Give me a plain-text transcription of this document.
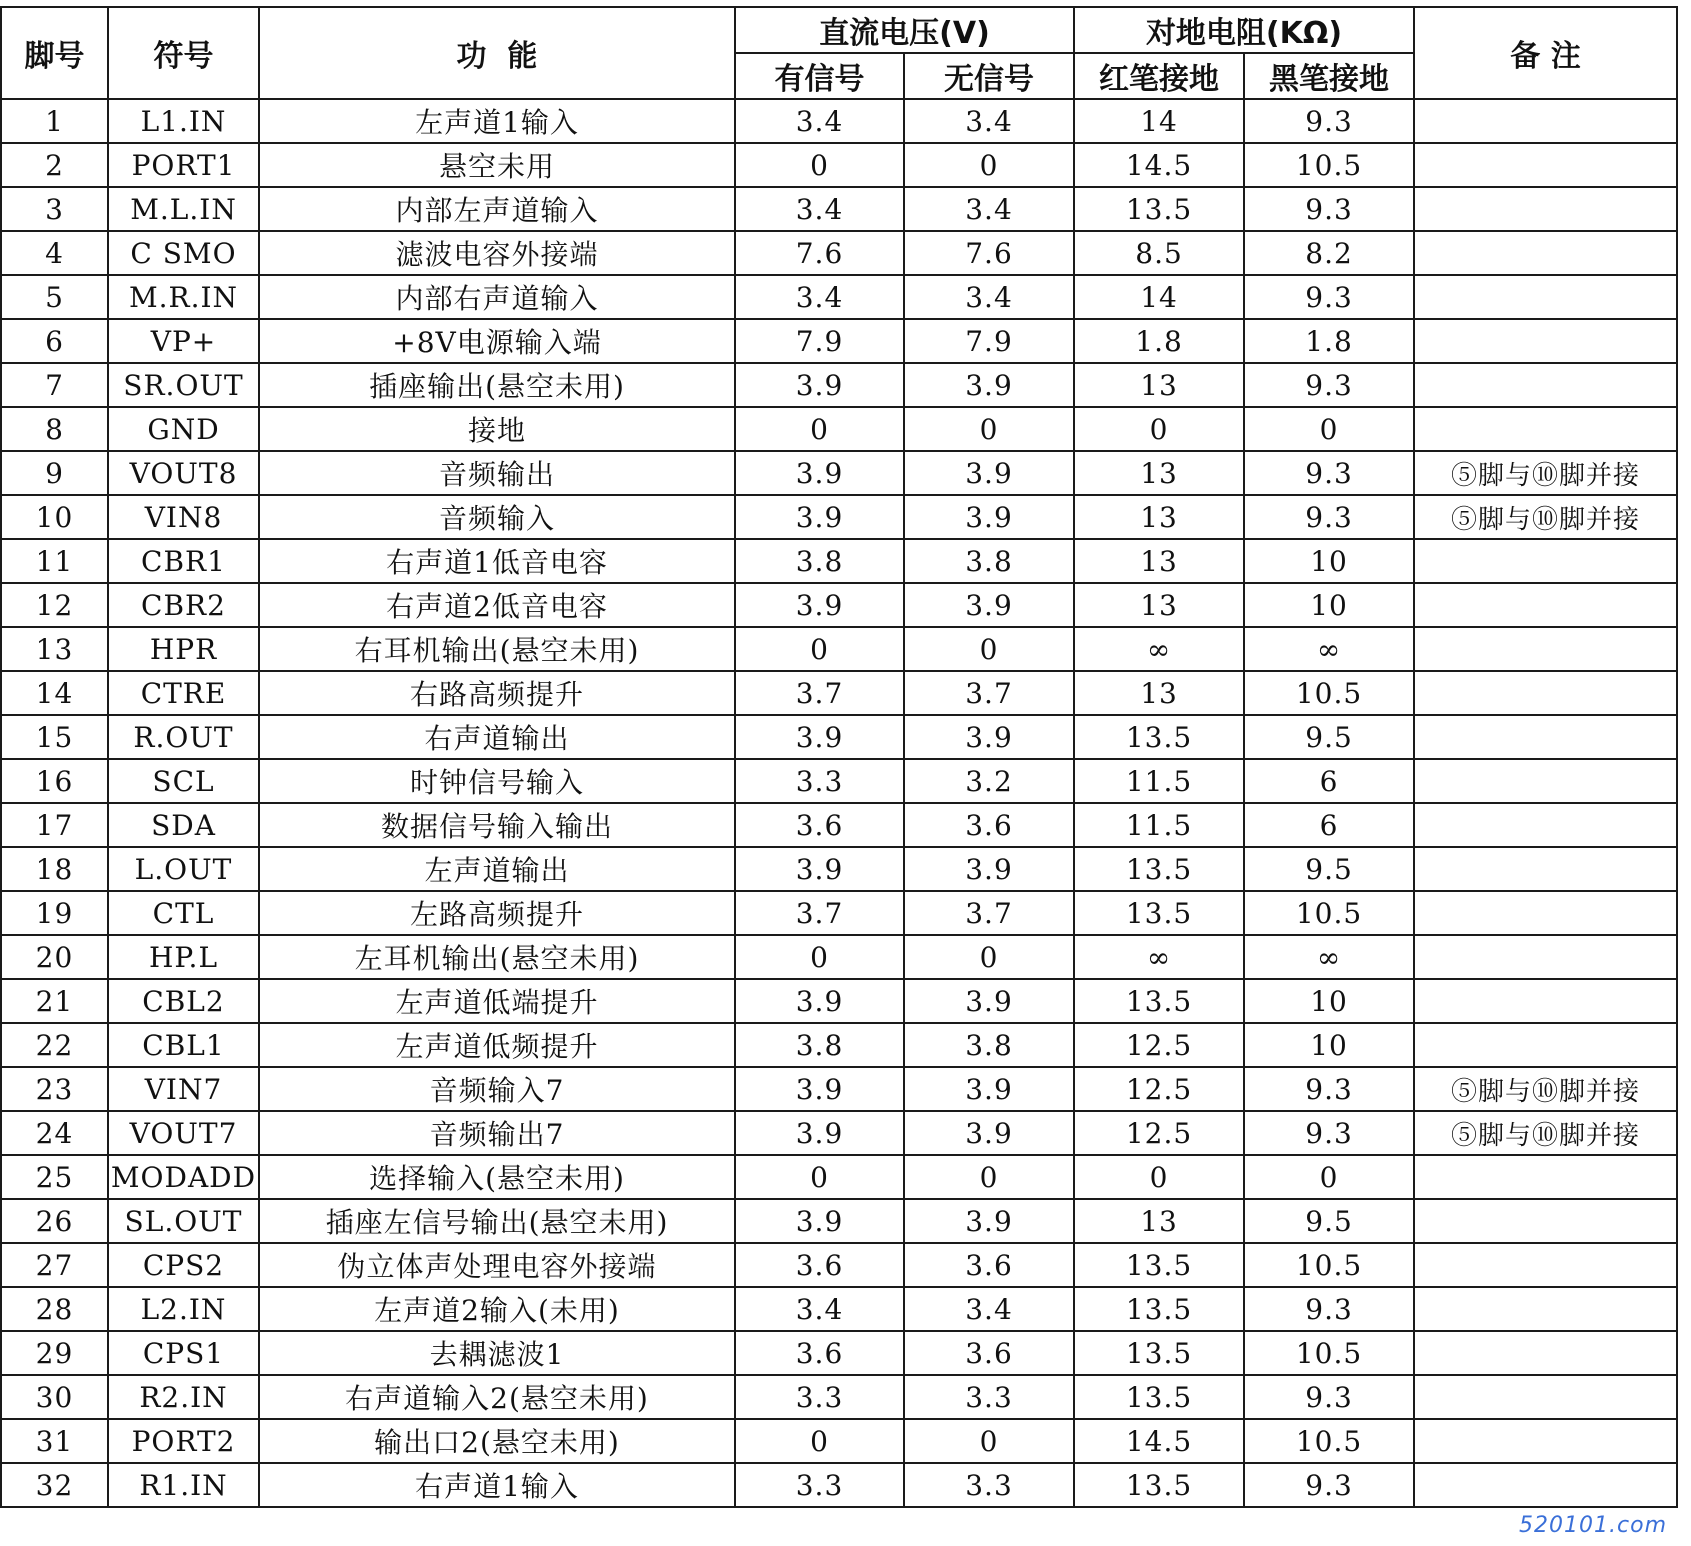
脚号	符号	功  能	直流电压(V)		对地电阻(KΩ)		备 注
			有信号	无信号	红笔接地	黑笔接地	
1	L1.IN	左声道1输入	3.4	3.4	14	9.3	
2	PORT1	悬空未用	0	0	14.5	10.5	
3	M.L.IN	内部左声道输入	3.4	3.4	13.5	9.3	
4	C SMO	滤波电容外接端	7.6	7.6	8.5	8.2	
5	M.R.IN	内部右声道输入	3.4	3.4	14	9.3	
6	VP+	+8V电源输入端	7.9	7.9	1.8	1.8	
7	SR.OUT	插座输出(悬空未用)	3.9	3.9	13	9.3	
8	GND	接地	0	0	0	0	
9	VOUT8	音频输出	3.9	3.9	13	9.3	⑤脚与⑩脚并接
10	VIN8	音频输入	3.9	3.9	13	9.3	⑤脚与⑩脚并接
11	CBR1	右声道1低音电容	3.8	3.8	13	10	
12	CBR2	右声道2低音电容	3.9	3.9	13	10	
13	HPR	右耳机输出(悬空未用)	0	0	∞	∞	
14	CTRE	右路高频提升	3.7	3.7	13	10.5	
15	R.OUT	右声道输出	3.9	3.9	13.5	9.5	
16	SCL	时钟信号输入	3.3	3.2	11.5	6	
17	SDA	数据信号输入输出	3.6	3.6	11.5	6	
18	L.OUT	左声道输出	3.9	3.9	13.5	9.5	
19	CTL	左路高频提升	3.7	3.7	13.5	10.5	
20	HP.L	左耳机输出(悬空未用)	0	0	∞	∞	
21	CBL2	左声道低端提升	3.9	3.9	13.5	10	
22	CBL1	左声道低频提升	3.8	3.8	12.5	10	
23	VIN7	音频输入7	3.9	3.9	12.5	9.3	⑤脚与⑩脚并接
24	VOUT7	音频输出7	3.9	3.9	12.5	9.3	⑤脚与⑩脚并接
25	MODADD	选择输入(悬空未用)	0	0	0	0	
26	SL.OUT	插座左信号输出(悬空未用)	3.9	3.9	13	9.5	
27	CPS2	伪立体声处理电容外接端	3.6	3.6	13.5	10.5	
28	L2.IN	左声道2输入(未用)	3.4	3.4	13.5	9.3	
29	CPS1	去耦滤波1	3.6	3.6	13.5	10.5	
30	R2.IN	右声道输入2(悬空未用)	3.3	3.3	13.5	9.3	
31	PORT2	输出口2(悬空未用)	0	0	14.5	10.5	
32	R1.IN	右声道1输入	3.3	3.3	13.5	9.3	
520101.com
